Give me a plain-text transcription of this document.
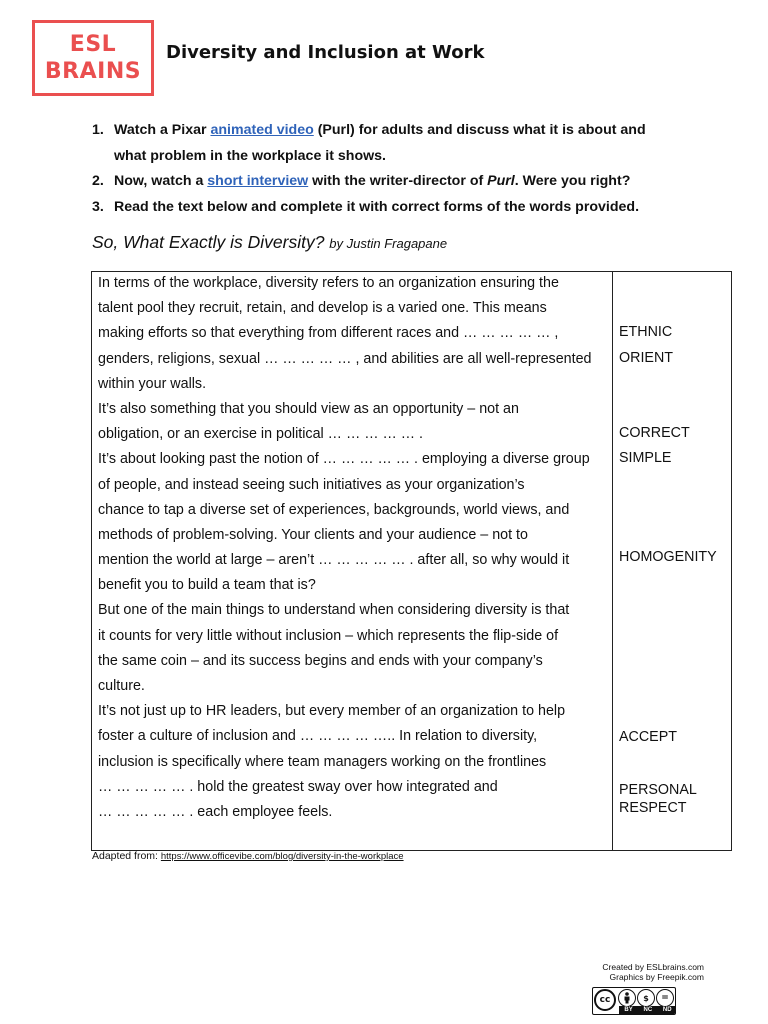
ESL
BRAINS
Diversity and Inclusion at Work
1. Watch a Pixar animated video (Purl) for adults and discuss what it is about and
what problem in the workplace it shows.
2. Now, watch a short interview with the writer-director of Purl. Were you right?
3. Read the text below and complete it with correct forms of the words provided.
So, What Exactly is Diversity? by Justin Fragapane
In terms of the workplace, diversity refers to an organization ensuring the
talent pool they recruit, retain, and develop is a varied one. This means
making efforts so that everything from different races and … … … … … ,
genders, religions, sexual … … … … … , and abilities are all well-represented
within your walls.
It’s also something that you should view as an opportunity – not an
obligation, or an exercise in political … … … … … .
It’s about looking past the notion of … … … … … . employing a diverse group
of people, and instead seeing such initiatives as your organization’s
chance to tap a diverse set of experiences, backgrounds, world views, and
methods of problem-solving. Your clients and your audience – not to
mention the world at large – aren’t … … … … … . after all, so why would it
benefit you to build a team that is?
But one of the main things to understand when considering diversity is that
it counts for very little without inclusion – which represents the flip-side of
the same coin – and its success begins and ends with your company’s
culture.
It’s not just up to HR leaders, but every member of an organization to help
foster a culture of inclusion and … … … … ….. In relation to diversity,
inclusion is specifically where team managers working on the frontlines
… … … … … . hold the greatest sway over how integrated and
… … … … … . each employee feels.
ETHNIC
ORIENT
CORRECT
SIMPLE
HOMOGENITY
ACCEPT
PERSONAL
RESPECT
Adapted from: https://www.officevibe.com/blog/diversity-in-the-workplace
Created by ESLbrains.com
Graphics by Freepik.com
cc	$	=
BY NC ND
